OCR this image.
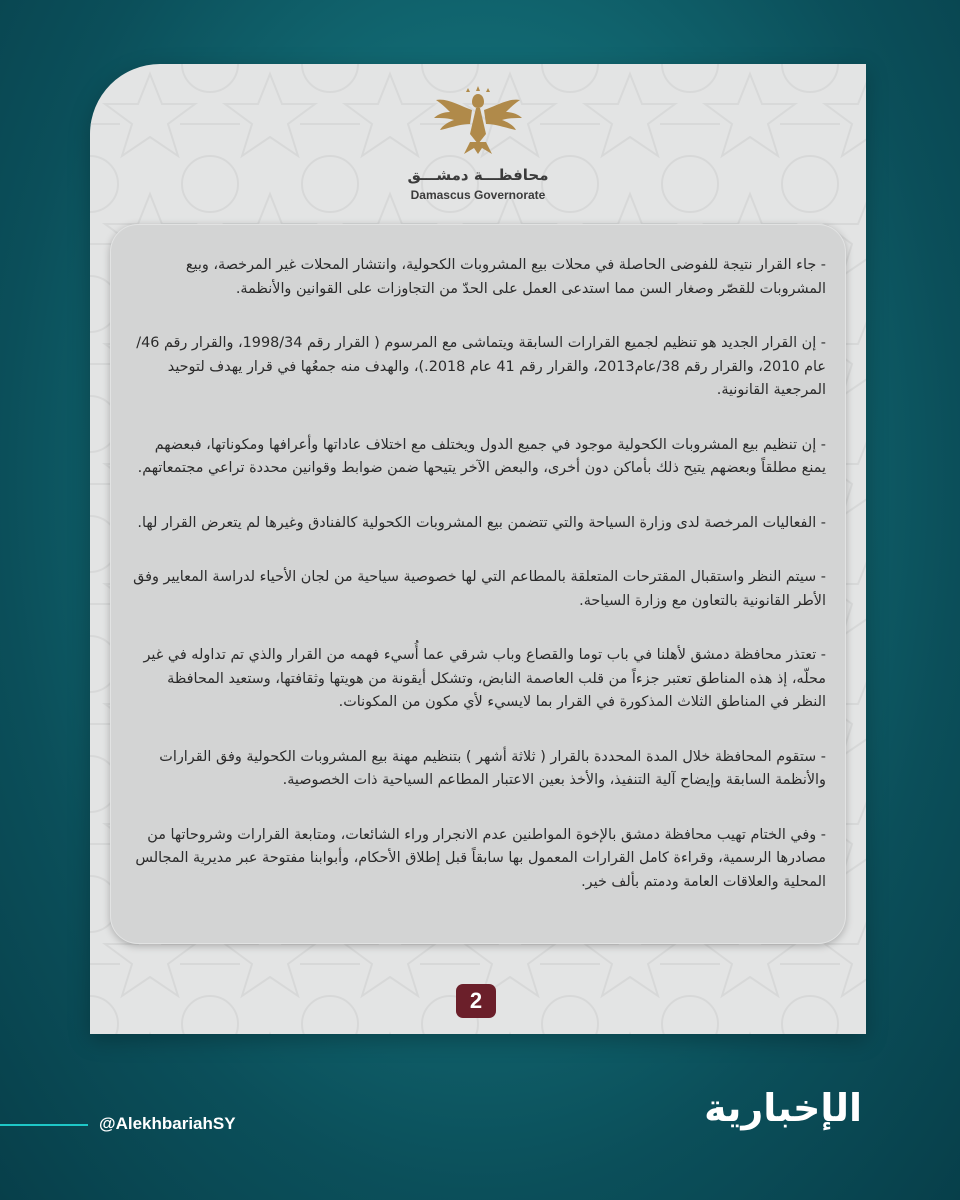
محافظـــة دمشـــق
Damascus Governorate

- جاء القرار نتيجة للفوضى الحاصلة في محلات بيع المشروبات الكحولية، وانتشار المحلات غير المرخصة، وبيع المشروبات للقصّر وصغار السن مما استدعى العمل على الحدّ من التجاوزات على القوانين والأنظمة.

- إن القرار الجديد هو تنظيم لجميع القرارات السابقة ويتماشى مع المرسوم ( القرار رقم 1998/34، والقرار رقم 46/عام 2010، والقرار رقم 38/عام2013، والقرار رقم 41 عام 2018.)، والهدف منه جمعُها في قرار يهدف لتوحيد المرجعية القانونية.

- إن تنظيم بيع المشروبات الكحولية موجود في جميع الدول ويختلف مع اختلاف عاداتها وأعرافها ومكوناتها، فبعضهم يمنع مطلقاً وبعضهم يتيح ذلك بأماكن دون أخرى، والبعض الآخر يتيحها ضمن ضوابط وقوانين محددة تراعي مجتمعاتهم.

- الفعاليات المرخصة لدى وزارة السياحة والتي تتضمن بيع المشروبات الكحولية كالفنادق وغيرها لم يتعرض القرار لها.

- سيتم النظر واستقبال المقترحات المتعلقة بالمطاعم التي لها خصوصية سياحية من لجان الأحياء لدراسة المعايير وفق الأطر القانونية بالتعاون مع وزارة السياحة.

- تعتذر محافظة دمشق لأهلنا في باب توما والقصاع وباب شرقي عما أُسيء فهمه من القرار والذي تم تداوله في غير محلّه، إذ هذه المناطق تعتبر جزءاً من قلب العاصمة النابض، وتشكل أيقونة من هويتها وثقافتها، وستعيد المحافظة النظر في المناطق الثلاث المذكورة في القرار بما لايسيء لأي مكون من المكونات.

- ستقوم المحافظة خلال المدة المحددة بالقرار ( ثلاثة أشهر ) بتنظيم مهنة بيع المشروبات الكحولية وفق القرارات والأنظمة السابقة وإيضاح آلية التنفيذ، والأخذ بعين الاعتبار المطاعم السياحية ذات الخصوصية.

- وفي الختام تهيب محافظة دمشق بالإخوة المواطنين عدم الانجرار وراء الشائعات، ومتابعة القرارات وشروحاتها من مصادرها الرسمية، وقراءة كامل القرارات المعمول بها سابقاً قبل إطلاق الأحكام، وأبوابنا مفتوحة عبر مديرية المجالس المحلية والعلاقات العامة ودمتم بألف خير.

2
@AlekhbariahSY	الإخبارية
